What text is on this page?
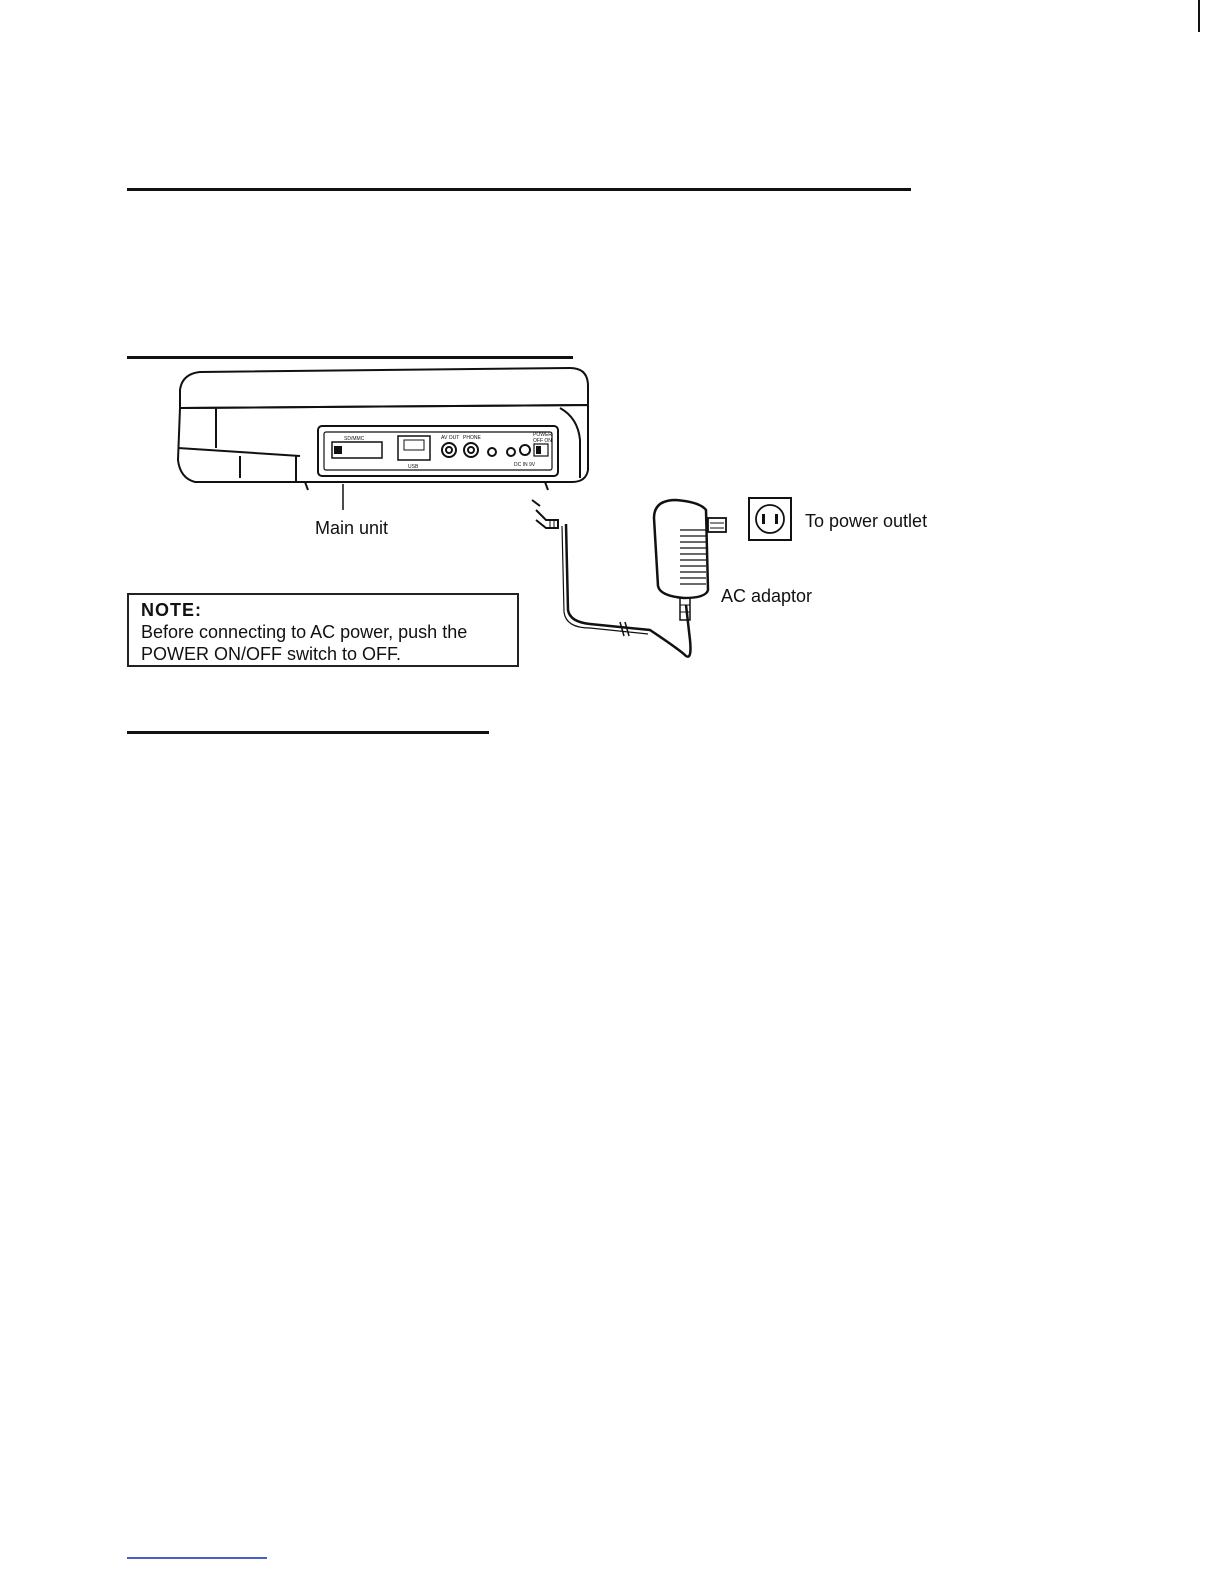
SD/MMC
USB
AV OUT PHONE	POWER
OFF ON
DC IN 9V
Main unit	To power outlet
AC adaptor
NOTE:
Before connecting to AC power, push the
POWER ON/OFF switch to OFF.
